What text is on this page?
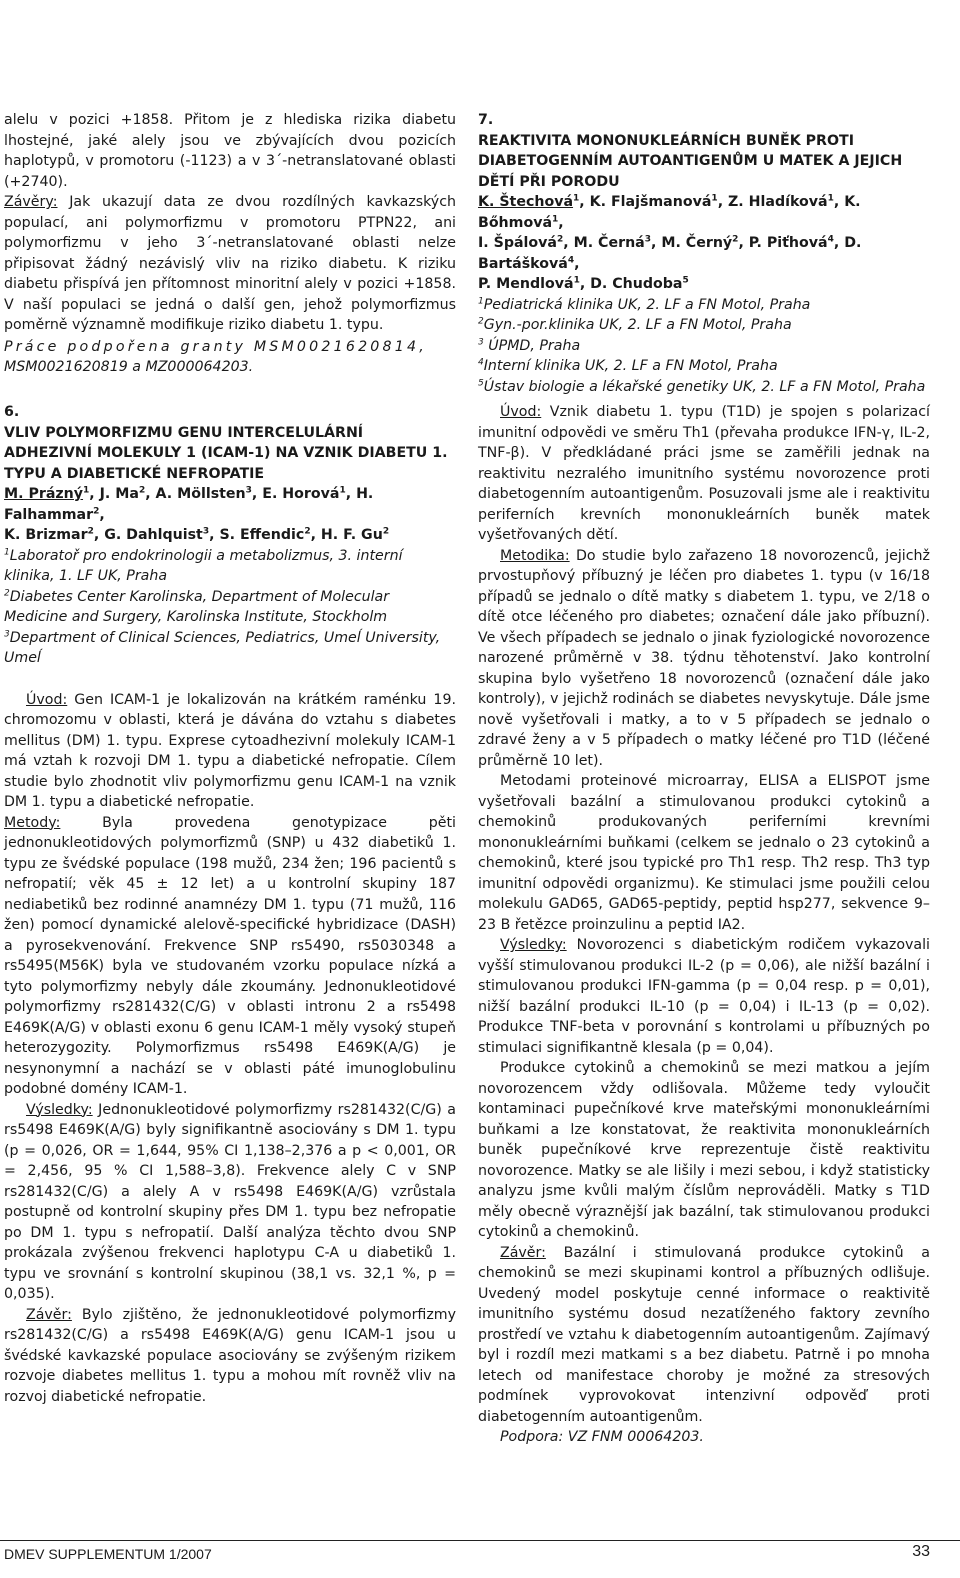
alelu v pozici +1858. Přitom je z hlediska rizika diabetu lhostejné, jaké alely jsou ve zbývajících dvou pozicích haplotypů, v promotoru (-1123) a v 3´-netranslatované oblasti (+2740).

Závěry: Jak ukazují data ze dvou rozdílných kavkazských populací, ani polymorfizmu v promotoru PTPN22, ani polymorfizmu v jeho 3´-netranslatované oblasti nelze připisovat žádný nezávislý vliv na riziko diabetu. K riziku diabetu přispívá jen přítomnost minoritní alely v pozici +1858. V naší populaci se jedná o další gen, jehož polymorfizmus poměrně významně modifikuje riziko diabetu 1. typu.

Práce podpořena granty MSM0021620814,

MSM0021620819 a MZ000064203.

6.

VLIV POLYMORFIZMU GENU INTERCELULÁRNÍ ADHEZIVNÍ MOLEKULY 1 (ICAM-1) NA VZNIK DIABETU 1. TYPU A DIABETICKÉ NEFROPATIE

M. Prázný$^1$, J. Ma$^2$, A. Möllsten$^3$, E. Horová$^1$, H. Falhammar$^2$,
K. Brizmar$^2$, G. Dahlquist$^3$, S. Effendic$^2$, H. F. Gu$^2$

$^1$Laboratoř pro endokrinologii a metabolizmus, 3. interní klinika, 1. LF UK, Praha

$^2$Diabetes Center Karolinska, Department of Molecular Medicine and Surgery, Karolinska Institute, Stockholm

$^3$Department of Clinical Sciences, Pediatrics, Umeĺ University, Umeĺ

Úvod: Gen ICAM-1 je lokalizován na krátkém raménku 19. chromozomu v oblasti, která je dávána do vztahu s diabetes mellitus (DM) 1. typu. Exprese cytoadhezivní molekuly ICAM-1 má vztah k rozvoji DM 1. typu a diabetické nefropatie. Cílem studie bylo zhodnotit vliv polymorfizmu genu ICAM-1 na vznik DM 1. typu a diabetické nefropatie.

Metody: Byla provedena genotypizace pěti jednonukleotidových polymorfizmů (SNP) u 432 diabetiků 1. typu ze švédské populace (198 mužů, 234 žen; 196 pacientů s nefropatií; věk 45 ± 12 let) a u kontrolní skupiny 187 nediabetiků bez rodinné anamnézy DM 1. typu (71 mužů, 116 žen) pomocí dynamické alelově-specifické hybridizace (DASH) a pyrosekvenování. Frekvence SNP rs5490, rs5030348 a rs5495(M56K) byla ve studovaném vzorku populace nízká a tyto polymorfizmy nebyly dále zkoumány. Jednonukleotidové polymorfizmy rs281432(C/G) v oblasti intronu 2 a rs5498 E469K(A/G) v oblasti exonu 6 genu ICAM-1 měly vysoký stupeň heterozygozity. Polymorfizmus rs5498 E469K(A/G) je nesynonymní a nachází se v oblasti páté imunoglobulinu podobné domény ICAM-1.

Výsledky: Jednonukleotidové polymorfizmy rs281432(C/G) a rs5498 E469K(A/G) byly signifikantně asociovány s DM 1. typu (p = 0,026, OR = 1,644, 95% CI 1,138–2,376 a p < 0,001, OR = 2,456, 95 % CI 1,588–3,8). Frekvence alely C v SNP rs281432(C/G) a alely A v rs5498 E469K(A/G) vzrůstala postupně od kontrolní skupiny přes DM 1. typu bez nefropatie po DM 1. typu s nefropatií. Další analýza těchto dvou SNP prokázala zvýšenou frekvenci haplotypu C-A u diabetiků 1. typu ve srovnání s kontrolní skupinou (38,1 vs. 32,1 %, p = 0,035).

Závěr: Bylo zjištěno, že jednonukleotidové polymorfizmy rs281432(C/G) a rs5498 E469K(A/G) genu ICAM-1 jsou u švédské kavkazské populace asociovány se zvýšeným rizikem rozvoje diabetes mellitus 1. typu a mohou mít rovněž vliv na rozvoj diabetické nefropatie.

7.

REAKTIVITA MONONUKLEÁRNÍCH BUNĚK PROTI DIABETOGENNÍM AUTOANTIGENŮM U MATEK A JEJICH DĚTÍ PŘI PORODU

K. Štechová$^1$, K. Flajšmanová$^1$, Z. Hladíková$^1$, K. Bőhmová$^1$,
I. Špálová$^2$, M. Černá$^3$, M. Černý$^2$, P. Piťhová$^4$, D. Bartášková$^4$,
P. Mendlová$^1$, D. Chudoba$^5$

$^1$Pediatrická klinika UK, 2. LF a FN Motol, Praha

$^2$Gyn.-por.klinika UK, 2. LF a FN Motol, Praha

$^3$ ÚPMD, Praha

$^4$Interní klinika UK, 2. LF a FN Motol, Praha

$^5$Ústav biologie a lékařské genetiky UK, 2. LF a FN Motol, Praha

Úvod: Vznik diabetu 1. typu (T1D) je spojen s polarizací imunitní odpovědi ve směru Th1 (převaha produkce IFN-γ, IL-2, TNF-β). V předkládané práci jsme se zaměřili jednak na reaktivitu nezralého imunitního systému novorozence proti diabetogenním autoantigenům. Posuzovali jsme ale i reaktivitu periferních krevních mononukleárních buněk matek vyšetřovaných dětí.

Metodika: Do studie bylo zařazeno 18 novorozenců, jejichž prvostupňový příbuzný je léčen pro diabetes 1. typu (v 16/18 případů se jednalo o dítě matky s diabetem 1. typu, ve 2/18 o dítě otce léčeného pro diabetes; označení dále jako příbuzní). Ve všech případech se jednalo o jinak fyziologické novorozence narozené průměrně v 38. týdnu těhotenství. Jako kontrolní skupina bylo vyšetřeno 18 novorozenců (označení dále jako kontroly), v jejichž rodinách se diabetes nevyskytuje. Dále jsme nově vyšetřovali i matky, a to v 5 případech se jednalo o zdravé ženy a v 5 případech o matky léčené pro T1D (léčené průměrně 10 let).

Metodami proteinové microarray, ELISA a ELISPOT jsme vyšetřovali bazální a stimulovanou produkci cytokinů a chemokinů produkovaných periferními krevními mononukleárními buňkami (celkem se jednalo o 23 cytokinů a chemokinů, které jsou typické pro Th1 resp. Th2 resp. Th3 typ imunitní odpovědi organizmu). Ke stimulaci jsme použili celou molekulu GAD65, GAD65-peptidy, peptid hsp277, sekvence 9–23 B řetězce proinzulinu a peptid IA2.

Výsledky: Novorozenci s diabetickým rodičem vykazovali vyšší stimulovanou produkci IL-2 (p = 0,06), ale nižší bazální i stimulovanou produkci IFN-gamma (p = 0,04 resp. p = 0,01), nižší bazální produkci IL-10 (p = 0,04) i IL-13 (p = 0,02). Produkce TNF-beta v porovnání s kontrolami u příbuzných po stimulaci signifikantně klesala (p = 0,04).

Produkce cytokinů a chemokinů se mezi matkou a jejím novorozencem vždy odlišovala. Můžeme tedy vyloučit kontaminaci pupečníkové krve mateřskými mononukleárními buňkami a lze konstatovat, že reaktivita mononukleárních buněk pupečníkové krve reprezentuje čistě reaktivitu novorozence. Matky se ale lišily i mezi sebou, i když statisticky analyzu jsme kvůli malým číslům neprováděli. Matky s T1D měly obecně výraznější jak bazální, tak stimulovanou produkci cytokinů a chemokinů.

Závěr: Bazální i stimulovaná produkce cytokinů a chemokinů se mezi skupinami kontrol a příbuzných odlišuje. Uvedený model poskytuje cenné informace o reaktivitě imunitního systému dosud nezatíženého faktory zevního prostředí ve vztahu k diabetogenním autoantigenům. Zajímavý byl i rozdíl mezi matkami s a bez diabetu. Patrně i po mnoha letech od manifestace choroby je možné za stresových podmínek vyprovokovat intenzivní odpověď proti diabetogenním autoantigenům.

Podpora: VZ FNM 00064203.

DMEV SUPPLEMENTUM 1/2007	33
